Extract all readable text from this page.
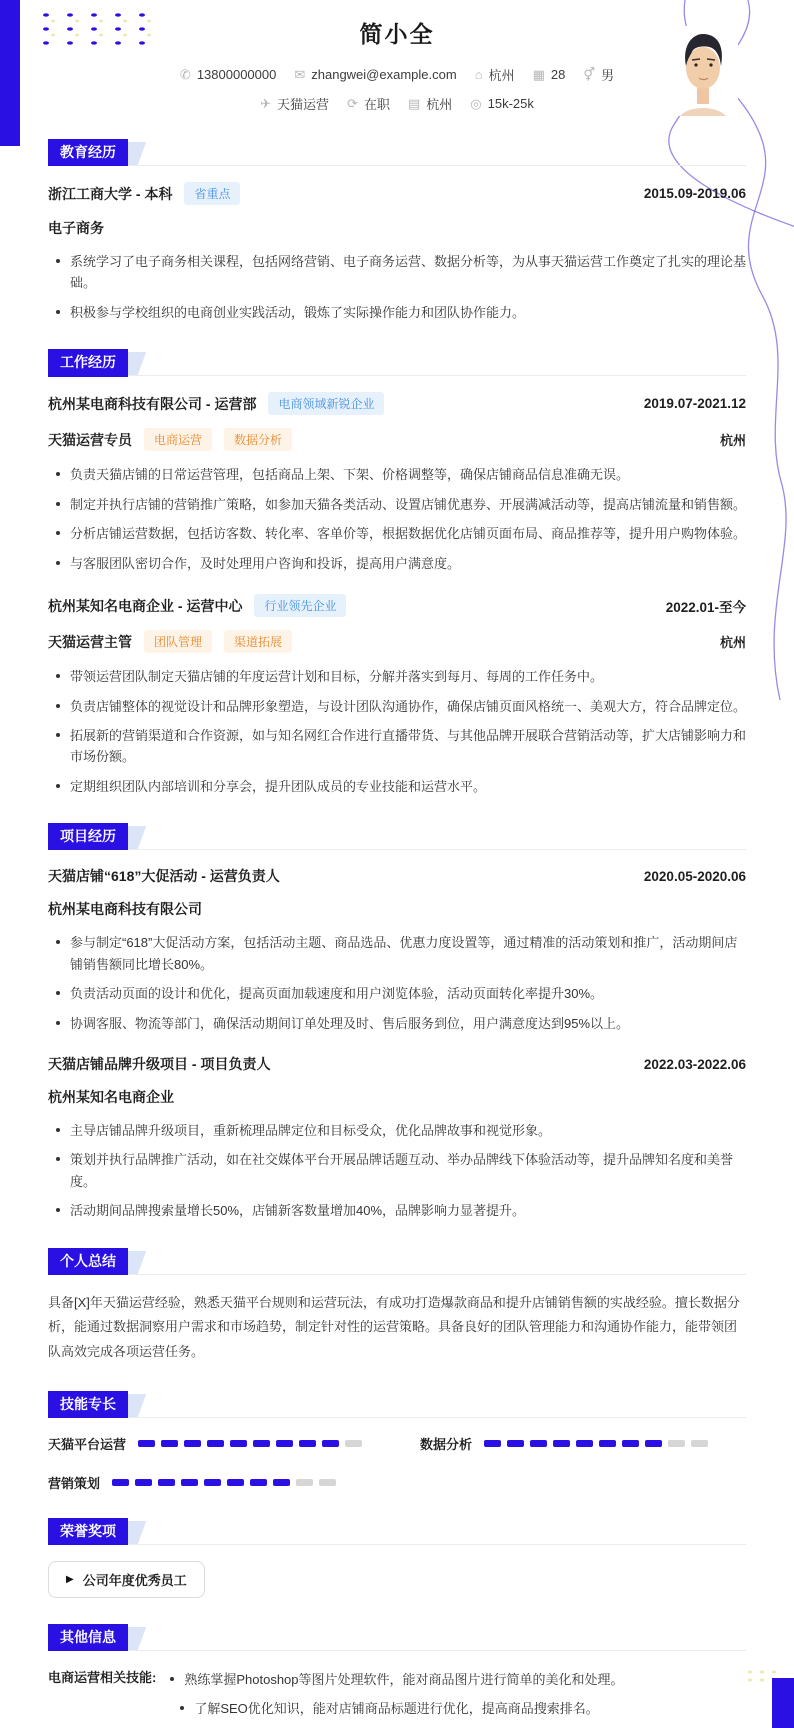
简小全
✆ 13800000000 ✉ zhangwei@example.com ⌂ 杭州 ▦ 28 ⚥ 男
✈ 天猫运营 ⟳ 在职 ▤ 杭州 ◎ 15k-25k
教育经历
浙江工商大学 - 本科	省重点	2015.09-2019.06
电子商务
系统学习了电子商务相关课程，包括网络营销、电子商务运营、数据分析等，为从事天猫运营工作奠定了扎实的理论基础。
积极参与学校组织的电商创业实践活动，锻炼了实际操作能力和团队协作能力。
工作经历
杭州某电商科技有限公司 - 运营部	电商领域新锐企业	2019.07-2021.12
天猫运营专员	电商运营	数据分析	杭州
负责天猫店铺的日常运营管理，包括商品上架、下架、价格调整等，确保店铺商品信息准确无误。
制定并执行店铺的营销推广策略，如参加天猫各类活动、设置店铺优惠券、开展满减活动等，提高店铺流量和销售额。
分析店铺运营数据，包括访客数、转化率、客单价等，根据数据优化店铺页面布局、商品推荐等，提升用户购物体验。
与客服团队密切合作，及时处理用户咨询和投诉，提高用户满意度。
杭州某知名电商企业 - 运营中心	行业领先企业	2022.01-至今
天猫运营主管	团队管理	渠道拓展	杭州
带领运营团队制定天猫店铺的年度运营计划和目标，分解并落实到每月、每周的工作任务中。
负责店铺整体的视觉设计和品牌形象塑造，与设计团队沟通协作，确保店铺页面风格统一、美观大方，符合品牌定位。
拓展新的营销渠道和合作资源，如与知名网红合作进行直播带货、与其他品牌开展联合营销活动等，扩大店铺影响力和市场份额。
定期组织团队内部培训和分享会，提升团队成员的专业技能和运营水平。
项目经历
天猫店铺“618”大促活动 - 运营负责人	2020.05-2020.06
杭州某电商科技有限公司
参与制定“618”大促活动方案，包括活动主题、商品选品、优惠力度设置等，通过精准的活动策划和推广，活动期间店铺销售额同比增长80%。
负责活动页面的设计和优化，提高页面加载速度和用户浏览体验，活动页面转化率提升30%。
协调客服、物流等部门，确保活动期间订单处理及时、售后服务到位，用户满意度达到95%以上。
天猫店铺品牌升级项目 - 项目负责人	2022.03-2022.06
杭州某知名电商企业
主导店铺品牌升级项目，重新梳理品牌定位和目标受众，优化品牌故事和视觉形象。
策划并执行品牌推广活动，如在社交媒体平台开展品牌话题互动、举办品牌线下体验活动等，提升品牌知名度和美誉度。
活动期间品牌搜索量增长50%，店铺新客数量增加40%，品牌影响力显著提升。
个人总结

具备[X]年天猫运营经验，熟悉天猫平台规则和运营玩法，有成功打造爆款商品和提升店铺销售额的实战经验。擅长数据分析，能通过数据洞察用户需求和市场趋势，制定针对性的运营策略。具备良好的团队管理能力和沟通协作能力，能带领团队高效完成各项运营任务。

技能专长
天猫平台运营	数据分析
营销策划
荣誉奖项
▶ 公司年度优秀员工
其他信息
电商运营相关技能: 熟练掌握Photoshop等图片处理软件，能对商品图片进行简单的美化和处理。
了解SEO优化知识，能对店铺商品标题进行优化，提高商品搜索排名。
